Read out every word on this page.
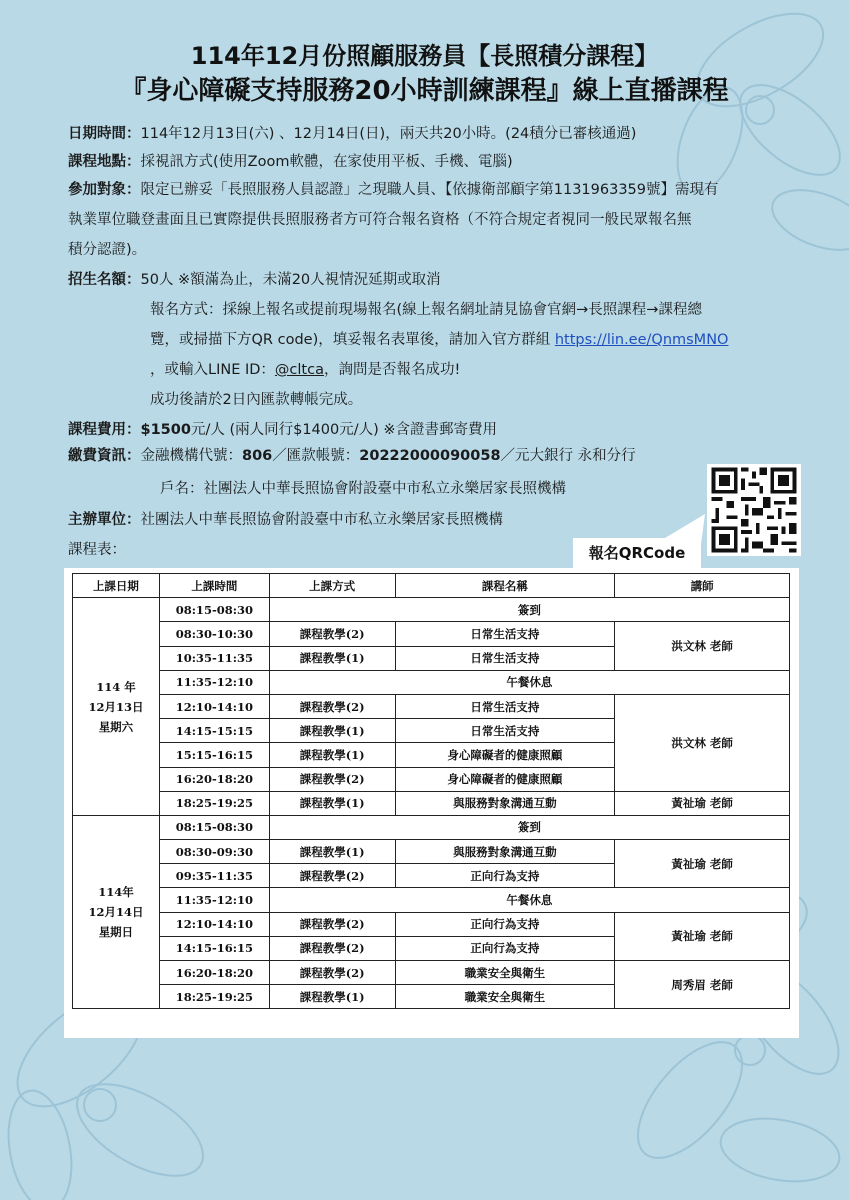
114年12月份照顧服務員【長照積分課程】
『身心障礙支持服務20小時訓練課程』線上直播課程
日期時間：114年12月13日(六) 、12月14日(日)，兩天共20小時。(24積分已審核通過)
課程地點：採視訊方式(使用Zoom軟體，在家使用平板、手機、電腦)
參加對象：限定已辦妥「長照服務人員認證」之現職人員、【依據衛部顧字第1131963359號】需現有
執業單位職登畫面且已實際提供長照服務者方可符合報名資格（不符合規定者視同一般民眾報名無
積分認證)。
招生名額：50人 ※額滿為止，未滿20人視情況延期或取消
報名方式：採線上報名或提前現場報名(線上報名網址請見協會官網→長照課程→課程總
覽，或掃描下方QR code)，填妥報名表單後，請加入官方群組 https://lin.ee/QnmsMNO
，或輸入LINE ID：@cltca，詢問是否報名成功!
成功後請於2日內匯款轉帳完成。
課程費用：$1500元/人 (兩人同行$1400元/人) ※含證書郵寄費用
繳費資訊：金融機構代號：806／匯款帳號：20222000090058／元大銀行 永和分行
戶名：社團法人中華長照協會附設臺中市私立永樂居家長照機構
主辦單位：社團法人中華長照協會附設臺中市私立永樂居家長照機構
課程表：	報名QRCode
上課日期	上課時間	上課方式	課程名稱	講師

114 年
12月13日
星期六	08:15-08:30	簽到		
	08:30-10:30	課程教學(2)	日常生活支持	洪文林 老師
	10:35-11:35	課程教學(1)	日常生活支持	
	11:35-12:10	午餐休息		
	12:10-14:10	課程教學(2)	日常生活支持	洪文林 老師
	14:15-15:15	課程教學(1)	日常生活支持	
	15:15-16:15	課程教學(1)	身心障礙者的健康照顧	
	16:20-18:20	課程教學(2)	身心障礙者的健康照顧	
	18:25-19:25	課程教學(1)	與服務對象溝通互動	黃祉瑜 老師

114年
12月14日
星期日	08:15-08:30	簽到		
	08:30-09:30	課程教學(1)	與服務對象溝通互動	黃祉瑜 老師
	09:35-11:35	課程教學(2)	正向行為支持	
	11:35-12:10	午餐休息		
	12:10-14:10	課程教學(2)	正向行為支持	黃祉瑜 老師
	14:15-16:15	課程教學(2)	正向行為支持	
	16:20-18:20	課程教學(2)	職業安全與衛生	周秀眉 老師
	18:25-19:25	課程教學(1)	職業安全與衛生	
